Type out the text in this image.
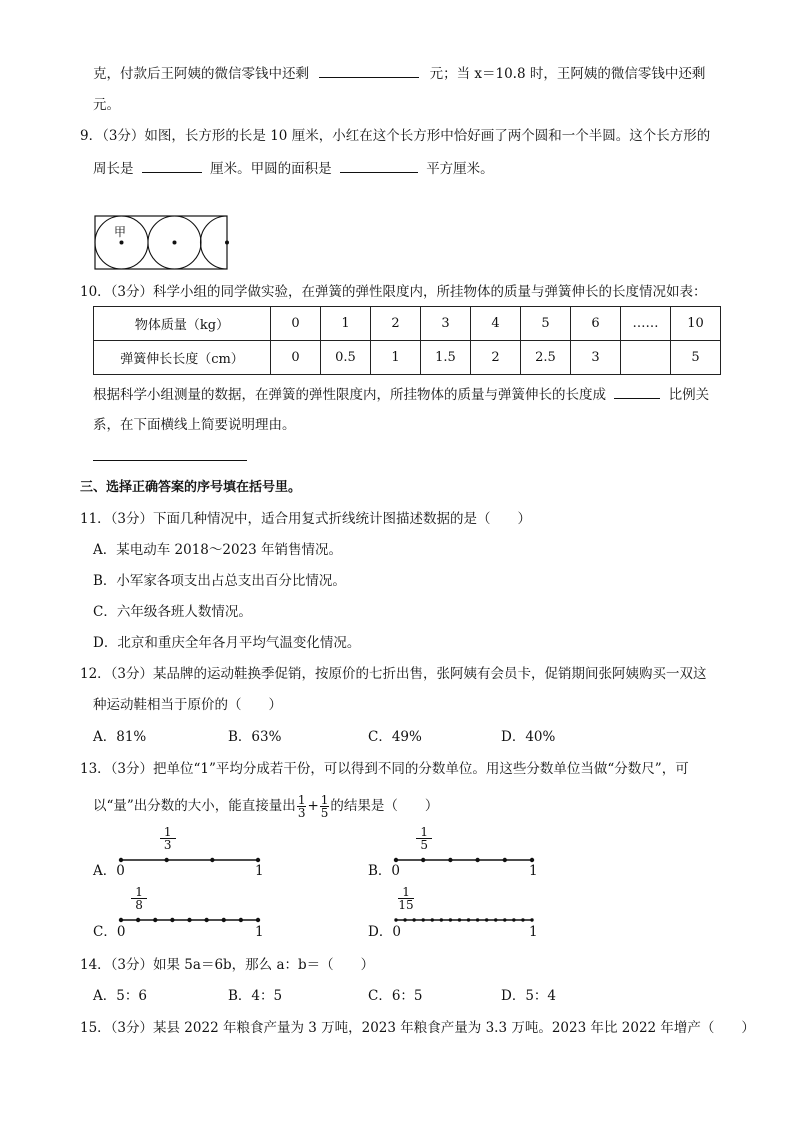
克，付款后王阿姨的微信零钱中还剩	元；当 x＝10.8 时，王阿姨的微信零钱中还剩
元。
9．（3分）如图，长方形的长是 10 厘米，小红在这个长方形中恰好画了两个圆和一个半圆。这个长方形的
周长是	厘米。甲圆的面积是	平方厘米。
甲
10．（3分）科学小组的同学做实验，在弹簧的弹性限度内，所挂物体的质量与弹簧伸长的长度情况如表：
物体质量（kg）	0	1	2	3	4	5	6	……	10
弹簧伸长长度（cm）	0	0.5	1	1.5	2	2.5	3		5
根据科学小组测量的数据，在弹簧的弹性限度内，所挂物体的质量与弹簧伸长的长度成	比例关
系，在下面横线上简要说明理由。
三、选择正确答案的序号填在括号里。
11．（3分）下面几种情况中，适合用复式折线统计图描述数据的是（　　）
A．某电动车 2018～2023 年销售情况。
B．小军家各项支出占总支出百分比情况。
C．六年级各班人数情况。
D．北京和重庆全年各月平均气温变化情况。
12．（3分）某品牌的运动鞋换季促销，按原价的七折出售，张阿姨有会员卡，促销期间张阿姨购买一双这
种运动鞋相当于原价的（　　）
A．81%	B．63%	C．49%	D．40%
13．（3分）把单位“1”平均分成若干份，可以得到不同的分数单位。用这些分数单位当做“分数尺”，可
以“量”出分数的大小，能直接量出 $\frac{1}{3} + \frac{1}{5}$ 的结果是（　　）
A．0	1
$\frac{1}{3}$
B．0	1
$\frac{1}{5}$
C．0	1
$\frac{1}{8}$
D．0	1
$\frac{1}{15}$
14．（3分）如果 5a＝6b，那么 a：b＝（　　）
A．5：6	B．4：5	C．6：5	D．5：4
15．（3分）某县 2022 年粮食产量为 3 万吨，2023 年粮食产量为 3.3 万吨。2023 年比 2022 年增产（　　）
